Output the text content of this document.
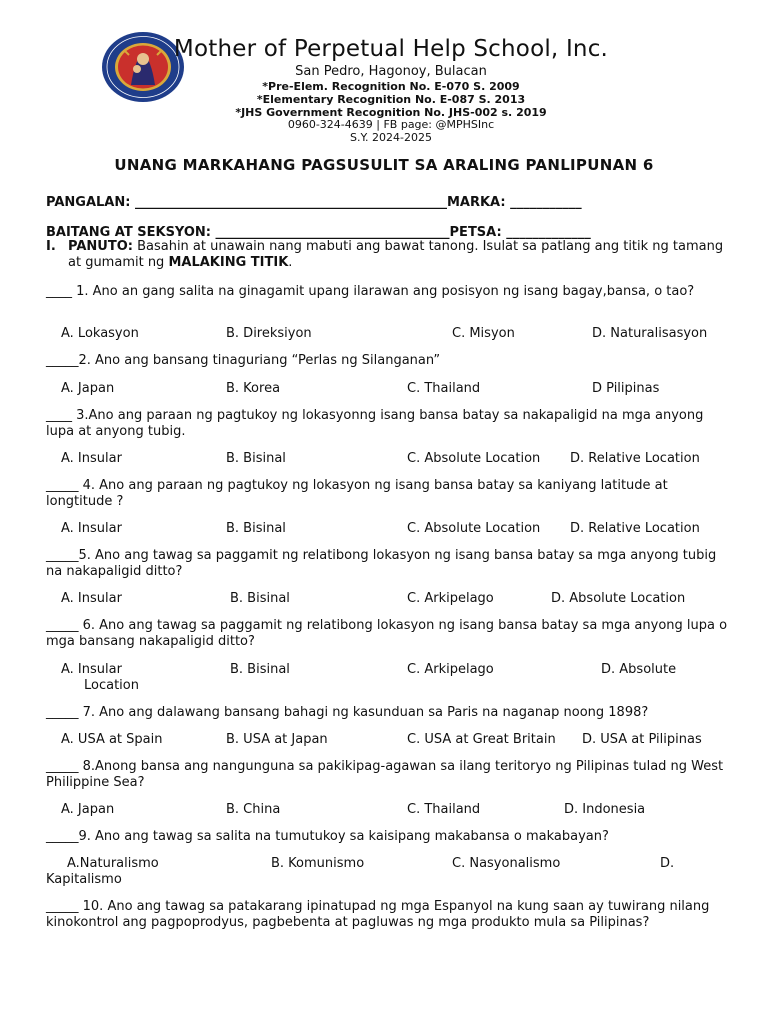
Mother of Perpetual Help School, Inc.
San Pedro, Hagonoy, Bulacan
*Pre-Elem. Recognition No. E-070 S. 2009
*Elementary Recognition No. E-087 S. 2013
*JHS Government Recognition No. JHS-002 s. 2019
0960-324-4639 | FB page: @MPHSInc
S.Y. 2024-2025
UNANG MARKAHANG PAGSUSULIT SA ARALING PANLIPUNAN 6
PANGALAN: ________________________________________________MARKA: ___________
BAITANG AT SEKSYON: ____________________________________PETSA: _____________
I. PANUTO: Basahin at unawain nang mabuti ang bawat tanong. Isulat sa patlang ang titik ng tamang at gumamit ng MALAKING TITIK.
____ 1. Ano an gang salita na ginagamit upang ilarawan ang posisyon ng isang bagay,bansa, o tao?
A. Lokasyon	B. Direksiyon	C. Misyon	D. Naturalisasyon
_____2. Ano ang bansang tinaguriang “Perlas ng Silanganan”
A. Japan	B. Korea	C. Thailand	D Pilipinas
____ 3.Ano ang paraan ng pagtukoy ng lokasyonng isang bansa batay sa nakapaligid na mga anyong lupa at anyong tubig.
A. Insular	B. Bisinal	C. Absolute Location D. Relative Location
_____ 4. Ano ang paraan ng pagtukoy ng lokasyon ng isang bansa batay sa kaniyang latitude at longtitude ?
A. Insular	B. Bisinal	C. Absolute Location D. Relative Location
_____5. Ano ang tawag sa paggamit ng relatibong lokasyon ng isang bansa batay sa mga anyong tubig na nakapaligid ditto?
A. Insular	B. Bisinal	C. Arkipelago	D. Absolute Location
_____ 6. Ano ang tawag sa paggamit ng relatibong lokasyon ng isang bansa batay sa mga anyong lupa o mga bansang nakapaligid ditto?
A. Insular	B. Bisinal	C. Arkipelago	D. Absolute
Location
_____ 7. Ano ang dalawang bansang bahagi ng kasunduan sa Paris na naganap noong 1898?
A. USA at Spain	B. USA at Japan	C. USA at Great Britain D. USA at Pilipinas
_____ 8.Anong bansa ang nangunguna sa pakikipag-agawan sa ilang teritoryo ng Pilipinas tulad ng West Philippine Sea?
A. Japan	B. China	C. Thailand	D. Indonesia
_____9. Ano ang tawag sa salita na tumutukoy sa kaisipang makabansa o makabayan?
A.Naturalismo	B. Komunismo	C. Nasyonalismo	D.
Kapitalismo
_____ 10. Ano ang tawag sa patakarang ipinatupad ng mga Espanyol na kung saan ay tuwirang nilang kinokontrol ang pagpoprodyus, pagbebenta at pagluwas ng mga produkto mula sa Pilipinas?
